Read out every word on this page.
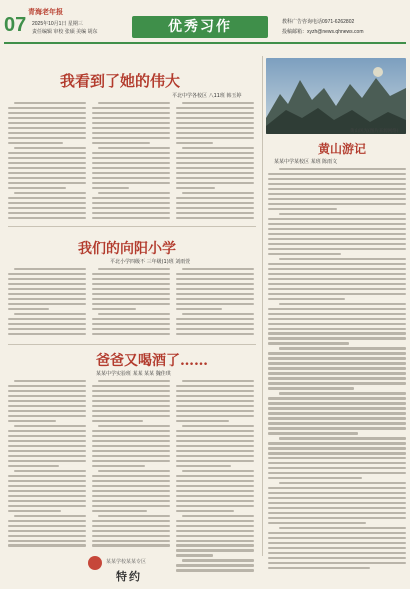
07
青海老年报
2025年10月1日 星期三
责任编辑 审校 张硕 美编 胡东	优秀习作	教科广告咨询电话0971-6262802
投稿邮箱：xyzh@news.qhnews.com
我看到了她的伟大
平北中学各校区 八11班 韩玉婷
黄山游记
某某中学某校区 某班 陈雨文
黄山风光(图片来源网络)
我们的向阳小学
平北小学四级不 三年级(1)班 刘雨萱
爸爸又喝酒了……
某某中学实验班 某某 某某 魏佳琪
某某学校某某专区
特约
